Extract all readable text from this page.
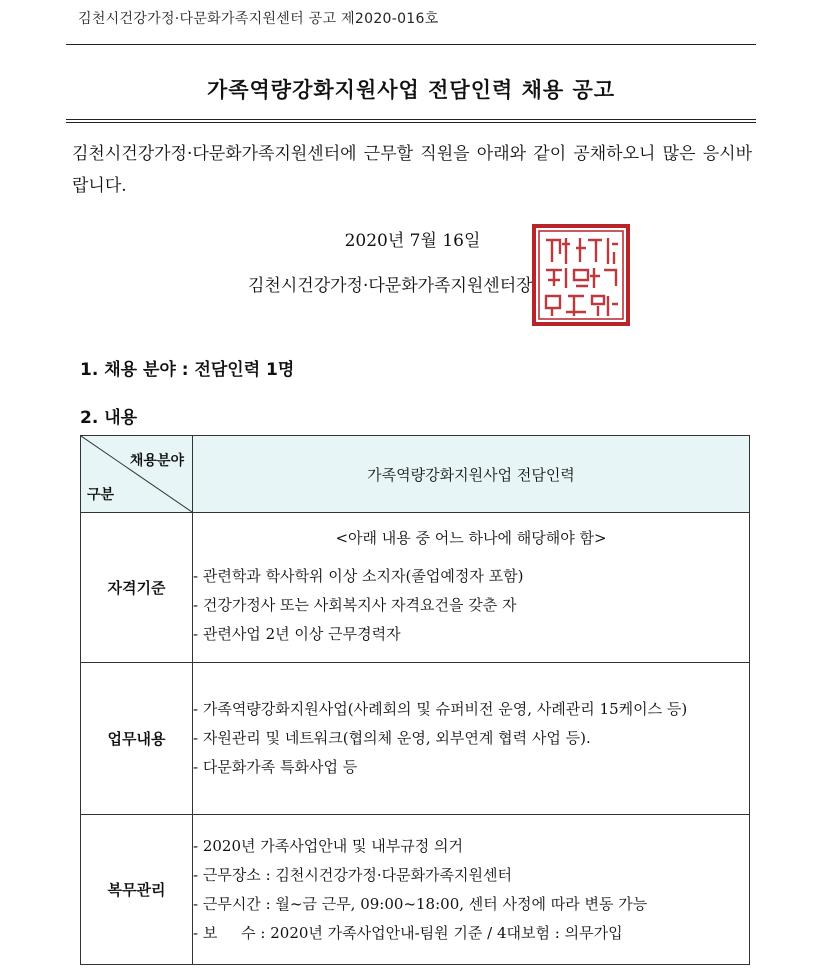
김천시건강가정·다문화가족지원센터 공고 제2020-016호
가족역량강화지원사업 전담인력 채용 공고
김천시건강가정·다문화가족지원센터에 근무할 직원을 아래와 같이 공채하오니 많은 응시바랍니다.
2020년 7월 16일
김천시건강가정·다문화가족지원센터장
1. 채용 분야 : 전담인력 1명
2. 내용
채용분야
구분	가족역량강화지원사업 전담인력
자격기준	<아래 내용 중 어느 하나에 해당해야 함>
- 관련학과 학사학위 이상 소지자(졸업예정자 포함)
- 건강가정사 또는 사회복지사 자격요건을 갖춘 자
- 관련사업 2년 이상 근무경력자

업무내용	- 가족역량강화지원사업(사례회의 및 슈퍼비전 운영, 사례관리 15케이스 등)
- 자원관리 및 네트워크(협의체 운영, 외부연계 협력 사업 등).
- 다문화가족 특화사업 등

복무관리	- 2020년 가족사업안내 및 내부규정 의거
- 근무장소 : 김천시건강가정·다문화가족지원센터
- 근무시간 : 월~금 근무, 09:00~18:00, 센터 사정에 따라 변동 가능
- 보     수 : 2020년 가족사업안내-팀원 기준 / 4대보험 : 의무가입
